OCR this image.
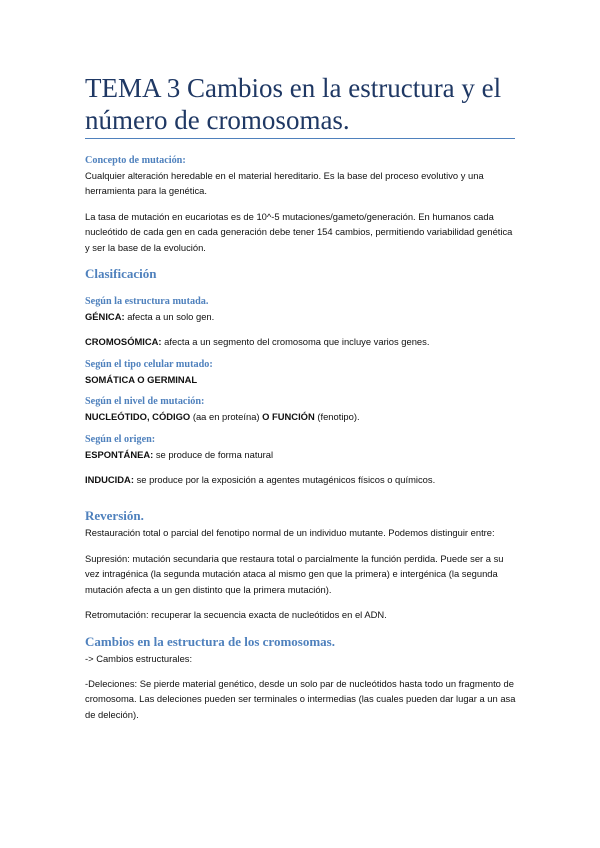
TEMA 3 Cambios en la estructura y el número de cromosomas.

Concepto de mutación:

Cualquier alteración heredable en el material hereditario. Es la base del proceso evolutivo y una herramienta para la genética.

La tasa de mutación en eucariotas es de 10^-5 mutaciones/gameto/generación. En humanos cada nucleótido de cada gen en cada generación debe tener 154 cambios, permitiendo variabilidad genética y ser la base de la evolución.

Clasificación

Según la estructura mutada.

GÉNICA: afecta a un solo gen.

CROMOSÓMICA: afecta a un segmento del cromosoma que incluye varios genes.

Según el tipo celular mutado:

SOMÁTICA O GERMINAL

Según el nivel de mutación:

NUCLEÓTIDO, CÓDIGO (aa en proteína) O FUNCIÓN (fenotipo).

Según el origen:

ESPONTÁNEA: se produce de forma natural

INDUCIDA: se produce por la exposición a agentes mutagénicos físicos o químicos.

Reversión.

Restauración total o parcial del fenotipo normal de un individuo mutante. Podemos distinguir entre:

Supresión: mutación secundaria que restaura total o parcialmente la función perdida. Puede ser a su vez intragénica (la segunda mutación ataca al mismo gen que la primera) e intergénica (la segunda mutación afecta a un gen distinto que la primera mutación).

Retromutación: recuperar la secuencia exacta de nucleótidos en el ADN.

Cambios en la estructura de los cromosomas.

-> Cambios estructurales:

-Deleciones: Se pierde material genético, desde un solo par de nucleótidos hasta todo un fragmento de cromosoma. Las deleciones pueden ser terminales o intermedias (las cuales pueden dar lugar a un asa de deleción).
